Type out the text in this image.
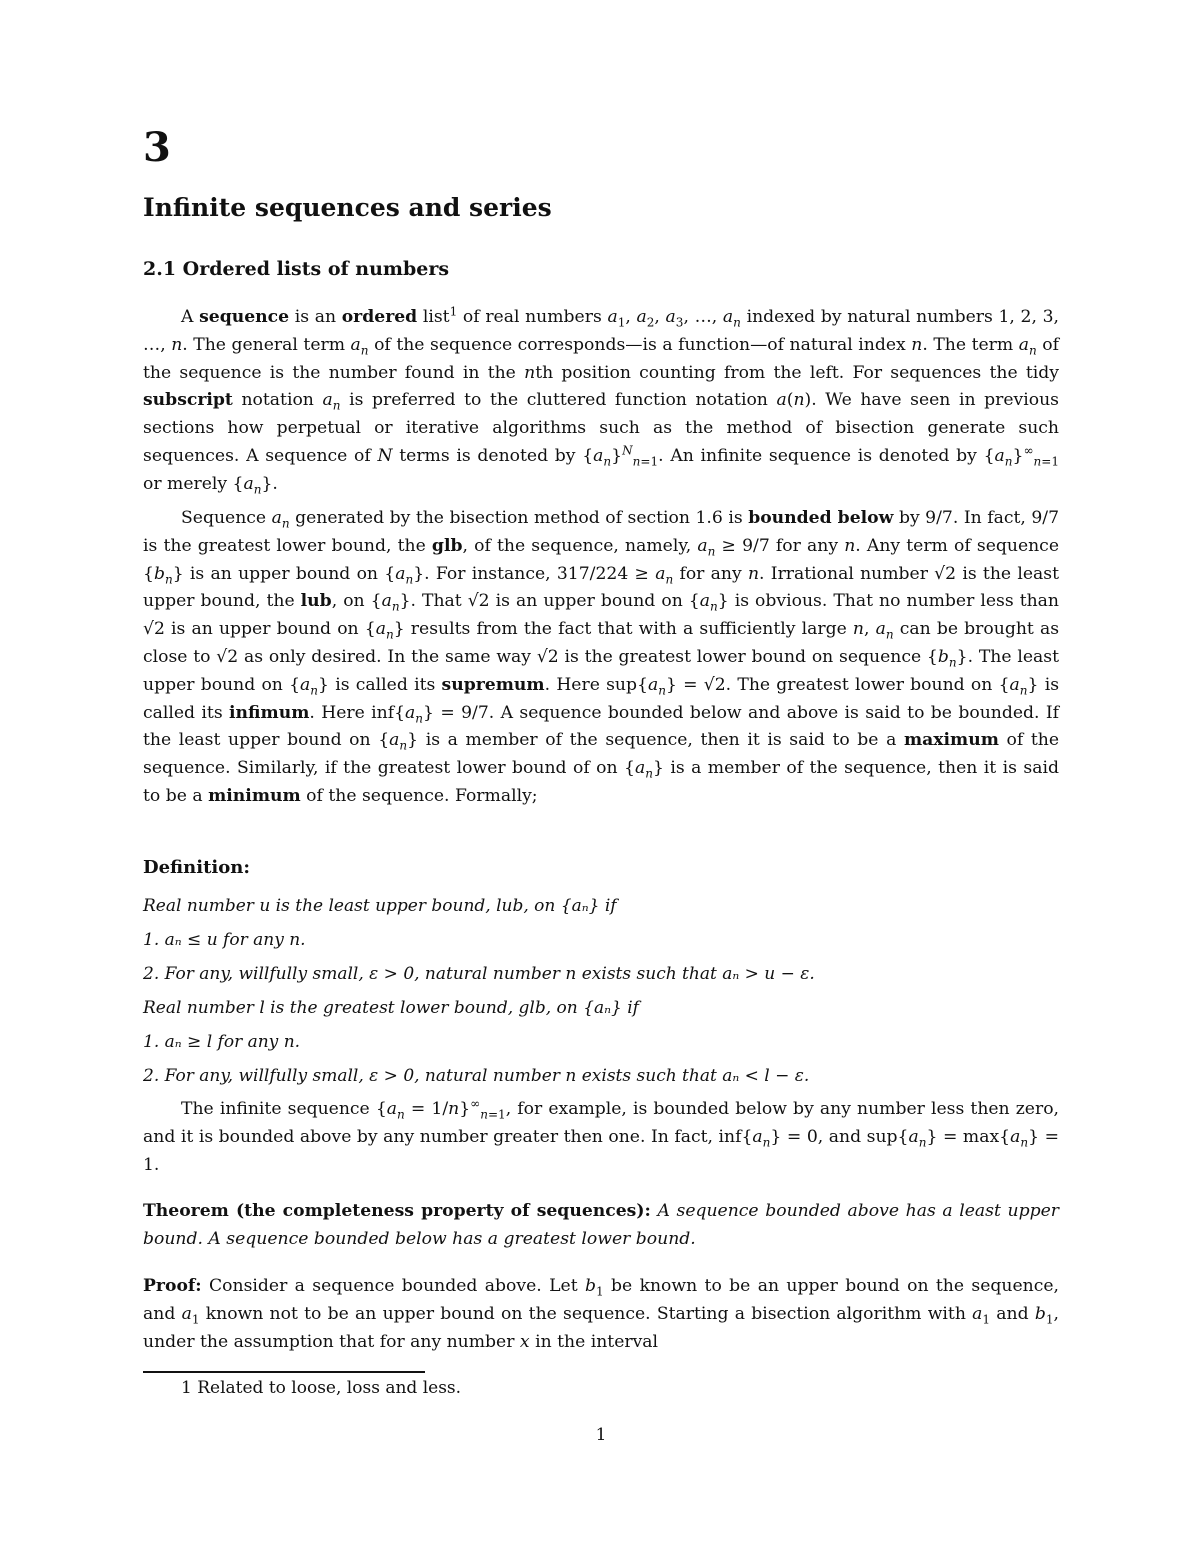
3
Infinite sequences and series
2.1 Ordered lists of numbers

A sequence is an ordered list$^1$ of real numbers $a_1$, $a_2$, $a_3$, …, $a_n$ indexed by natural numbers 1, 2, 3, …, n. The general term $a_n$ of the sequence corresponds—is a function—of natural index n. The term $a_n$ of the sequence is the number found in the nth position counting from the left. For sequences the tidy subscript notation $a_n$ is preferred to the cluttered function notation a(n). We have seen in previous sections how perpetual or iterative algorithms such as the method of bisection generate such sequences. A sequence of N terms is denoted by $\{a_n\}^N_{n=1}$. An infinite sequence is denoted by $\{a_n\}^\infty_{n=1}$ or merely $\{a_n\}$.

Sequence $a_n$ generated by the bisection method of section 1.6 is bounded below by 9/7. In fact, 9/7 is the greatest lower bound, the glb, of the sequence, namely, $a_n \ge 9/7$ for any n. Any term of sequence $\{b_n\}$ is an upper bound on $\{a_n\}$. For instance, $317/224 \ge a_n$ for any n. Irrational number √2 is the least upper bound, the lub, on $\{a_n\}$. That √2 is an upper bound on $\{a_n\}$ is obvious. That no number less than √2 is an upper bound on $\{a_n\}$ results from the fact that with a sufficiently large n, $a_n$ can be brought as close to √2 as only desired. In the same way √2 is the greatest lower bound on sequence $\{b_n\}$. The least upper bound on $\{a_n\}$ is called its supremum. Here $sup\{a_n\} = √2$. The greatest lower bound on $\{a_n\}$ is called its infimum. Here $inf\{a_n\} = 9/7$. A sequence bounded below and above is said to be bounded. If the least upper bound on $\{a_n\}$ is a member of the sequence, then it is said to be a maximum of the sequence. Similarly, if the greatest lower bound of on $\{a_n\}$ is a member of the sequence, then it is said to be a minimum of the sequence. Formally;

Definition:
Real number u is the least upper bound, lub, on {aₙ} if
1. aₙ ≤ u for any n.
2. For any, willfully small, ε > 0, natural number n exists such that aₙ > u − ε.
Real number l is the greatest lower bound, glb, on {aₙ} if
1. aₙ ≥ l for any n.
2. For any, willfully small, ε > 0, natural number n exists such that aₙ < l − ε.

The infinite sequence $\{a_n = 1/n\}^\infty_{n=1}$, for example, is bounded below by any number less then zero, and it is bounded above by any number greater then one. In fact, $inf\{a_n\} = 0$, and $sup\{a_n\} = \max\{a_n\} = 1$.

Theorem (the completeness property of sequences): A sequence bounded above has a least upper bound. A sequence bounded below has a greatest lower bound.

Proof: Consider a sequence bounded above. Let $b_1$ be known to be an upper bound on the sequence, and $a_1$ known not to be an upper bound on the sequence. Starting a bisection algorithm with $a_1$ and $b_1$, under the assumption that for any number x in the interval

1 Related to loose, loss and less.
1
